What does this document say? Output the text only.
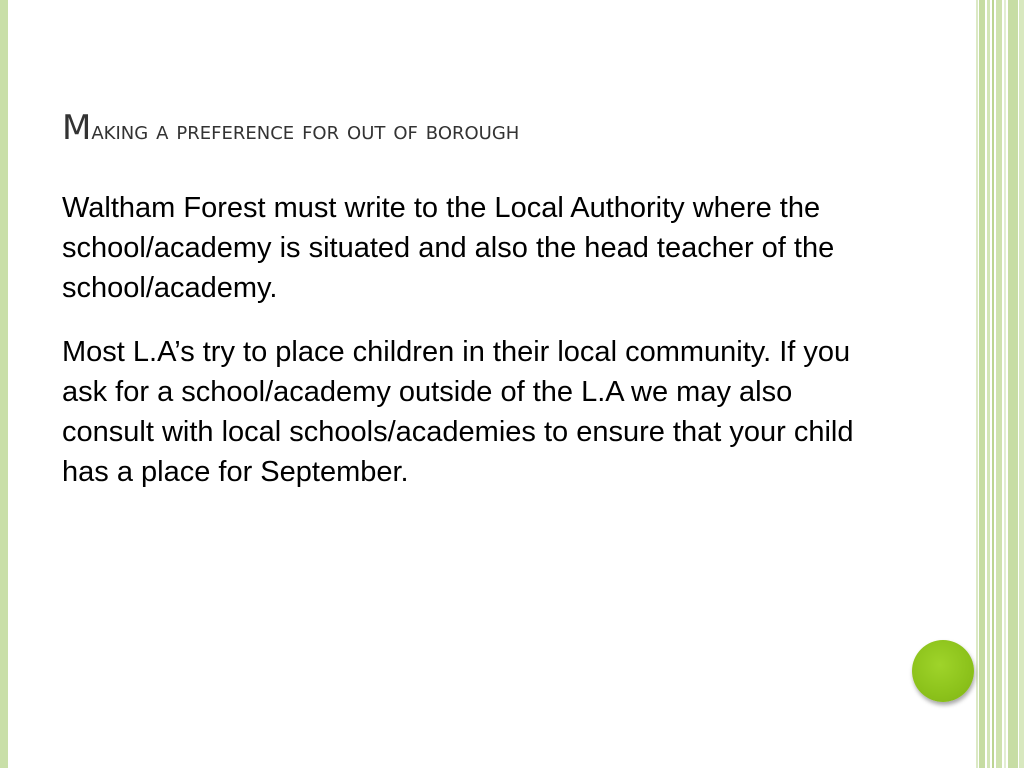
Making a preference for out of borough

Waltham Forest must write to the Local Authority where the school/academy is situated and also the head teacher of the school/academy.

Most L.A’s try to place children in their local community. If you ask for a school/academy outside of the L.A we may also consult with local schools/academies to ensure that your child has a place for September.
